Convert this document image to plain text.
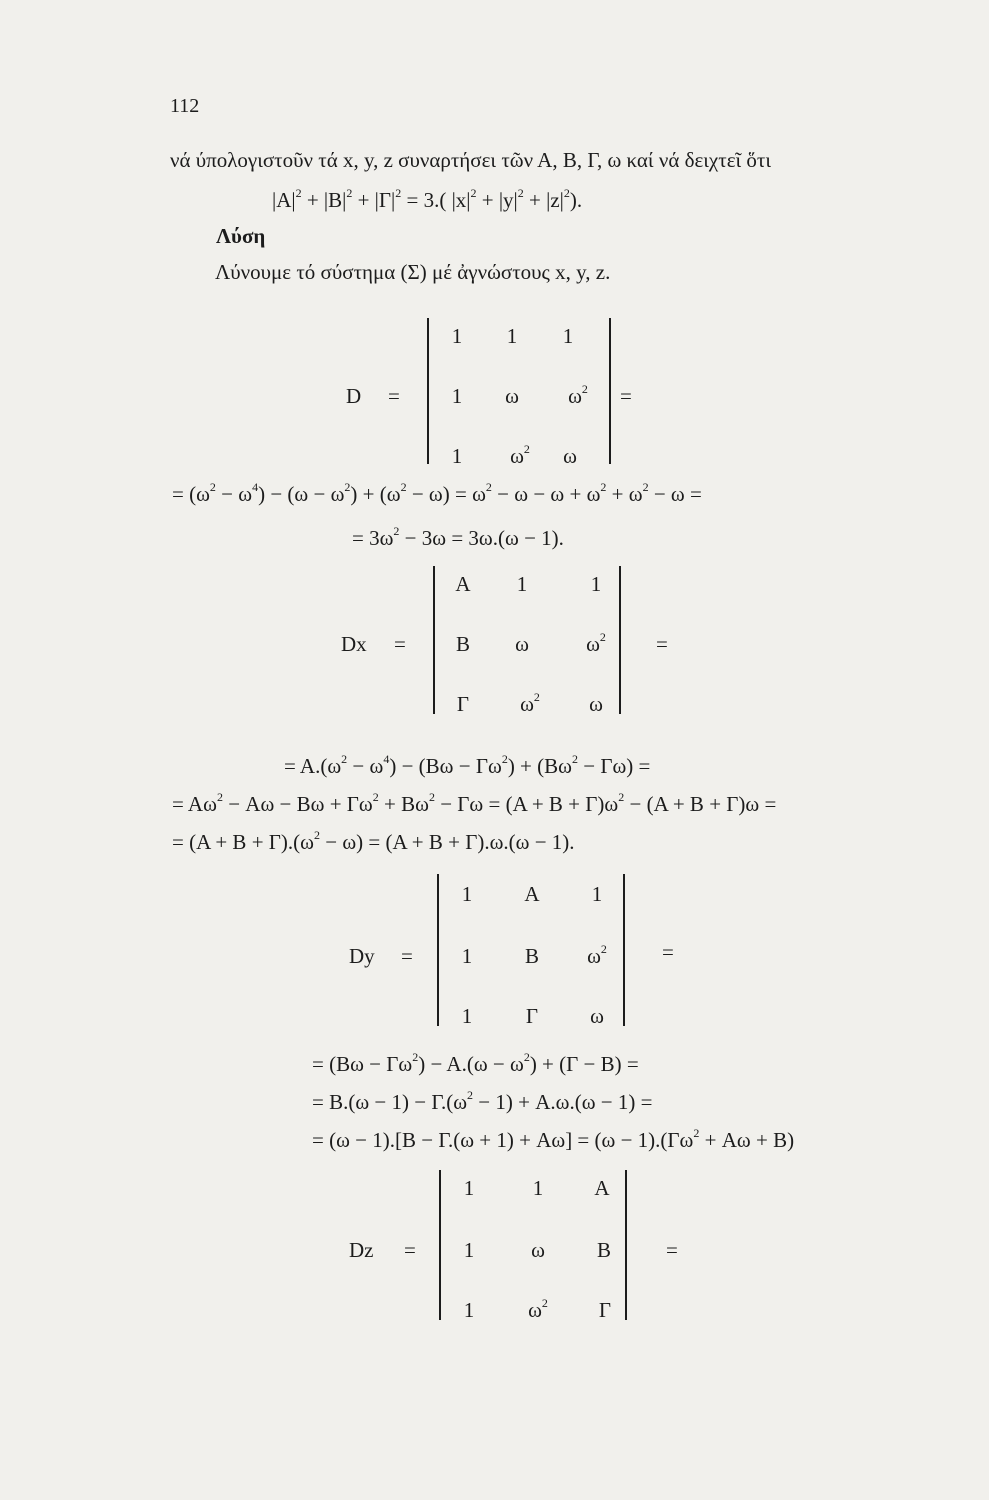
112
νά ύπολογιστοῦν τά x, y, z συναρτήσει τῶν Α, Β, Γ, ω καί νά δειχτεῖ ὅτι
$|A|^2 + |B|^2 + |\Gamma|^2 = 3$.( $|x|^2 + |y|^2 + |z|^2$).
Λύση
Λύνουμε τό σύστημα (Σ) μέ ἀγνώστους x, y, z.
D =
1 1 1
1 ω $\omega^2$
1 $\omega^2$ ω
=
= $(\omega^2 - \omega^4) - (\omega - \omega^2) + (\omega^2 - \omega) = \omega^2 - \omega - \omega + \omega^2 + \omega^2 - \omega$ =
= $3\omega^2 - 3\omega = 3\omega.(\omega - 1)$.
Dx =
A 1	1
B ω	$\omega^2$
Γ $\omega^2$ ω
=
= $A.(\omega^2 - \omega^4) - (B\omega - \Gamma\omega^2) + (B\omega^2 - \Gamma\omega)$ =
= $A\omega^2 - A\omega - B\omega + \Gamma\omega^2 + B\omega^2 - \Gamma\omega = (A + B + \Gamma)\omega^2 - (A + B + \Gamma)\omega$ =
= $(A + B + \Gamma).(\omega^2 - \omega) = (A + B + \Gamma).\omega.(\omega - 1)$.
Dy =
1 A 1
1	B $\omega^2$
1	Γ ω
=
= $(B\omega - \Gamma\omega^2) - A.(\omega - \omega^2) + (\Gamma - B)$ =
= $B.(\omega - 1) - \Gamma.(\omega^2 - 1) + A.\omega.(\omega - 1)$ =
= $(\omega - 1).[B - \Gamma.(\omega + 1) + A\omega] = (\omega - 1).(\Gamma\omega^2 + A\omega + B)$
Dz =
1	1 A
1	ω B
1	$\omega^2$ Γ
=
